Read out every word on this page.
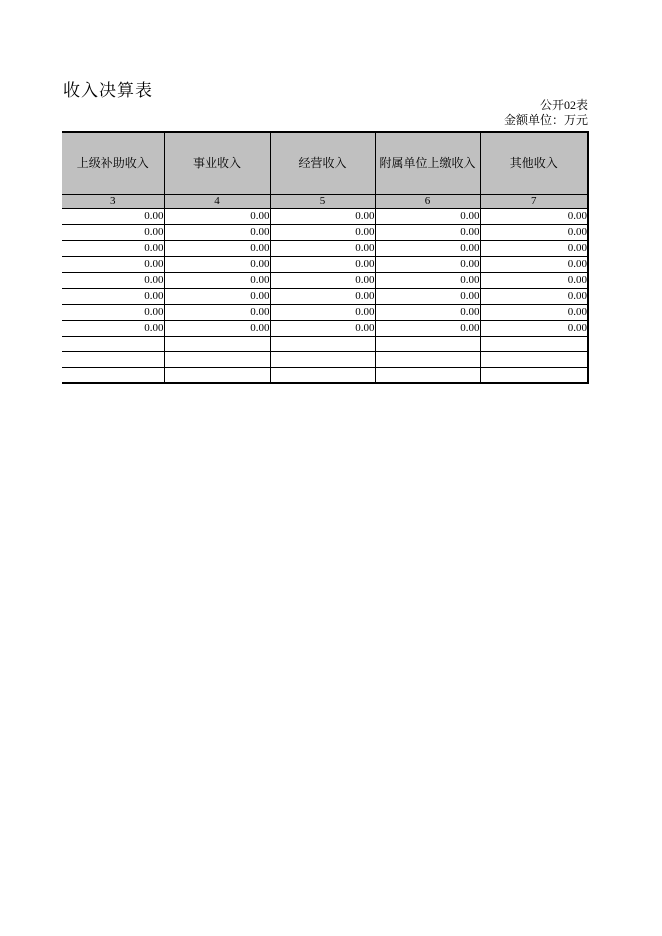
收入决算表
公开02表
金额单位：万元
上级补助收入	事业收入	经营收入	附属单位上缴收入	其他收入
3	4	5	6	7
0.00	0.00	0.00	0.00	0.00
0.00	0.00	0.00	0.00	0.00
0.00	0.00	0.00	0.00	0.00
0.00	0.00	0.00	0.00	0.00
0.00	0.00	0.00	0.00	0.00
0.00	0.00	0.00	0.00	0.00
0.00	0.00	0.00	0.00	0.00
0.00	0.00	0.00	0.00	0.00
